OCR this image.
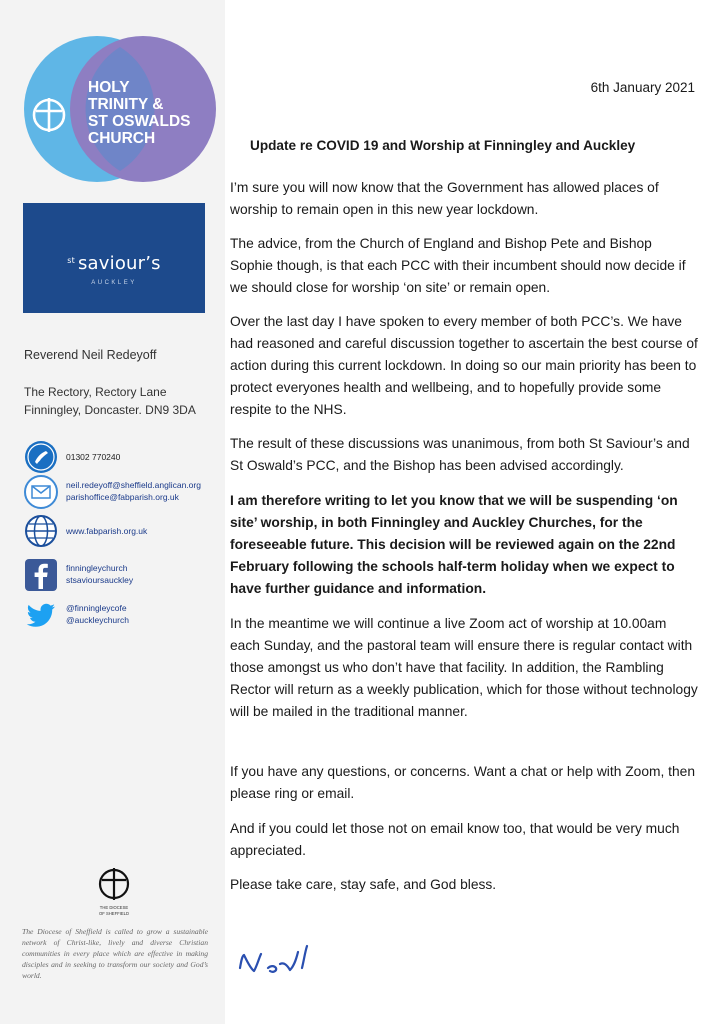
HOLY
TRINITY &
ST OSWALDS
CHURCH
$^{st}$ saviour’s
AUCKLEY
Reverend Neil Redeyoff
The Rectory, Rectory Lane
Finningley, Doncaster. DN9 3DA
01302 770240
neil.redeyoff@sheffield.anglican.org
parishoffice@fabparish.org.uk
www.fabparish.org.uk
finningleychurch
stsavioursauckley
@finningleycofe
@auckleychurch
THE DIOCESE
OF SHEFFIELD
The Diocese of Sheffield is called to grow a sustainable network of Christ-like, lively and diverse Christian communities in every place which are effective in making disciples and in seeking to transform our society and God’s world.
6th January 2021
Update re COVID 19 and Worship at Finningley and Auckley
I’m sure you will now know that the Government has allowed places of worship to remain open in this new year lockdown.
The advice, from the Church of England and Bishop Pete and Bishop Sophie though, is that each PCC with their incumbent should now decide if we should close for worship ‘on site’ or remain open.
Over the last day I have spoken to every member of both PCC’s. We have had reasoned and careful discussion together to ascertain the best course of action during this current lockdown. In doing so our main priority has been to protect everyones health and wellbeing, and to hopefully provide some respite to the NHS.
The result of these discussions was unanimous, from both St Saviour’s and St Oswald’s PCC, and the Bishop has been advised accordingly.
I am therefore writing to let you know that we will be suspending ‘on site’ worship, in both Finningley and Auckley Churches, for the foreseeable future. This decision will be reviewed again on the 22nd February following the schools half-term holiday when we expect to have further guidance and information.
In the meantime we will continue a live Zoom act of worship at 10.00am each Sunday, and the pastoral team will ensure there is regular contact with those amongst us who don’t have that facility. In addition, the Rambling Rector will return as a weekly publication, which for those without technology will be mailed in the traditional manner.
If you have any questions, or concerns. Want a chat or help with Zoom, then please ring or email.
And if you could let those not on email know too, that would be very much appreciated.
Please take care, stay safe, and God bless.
